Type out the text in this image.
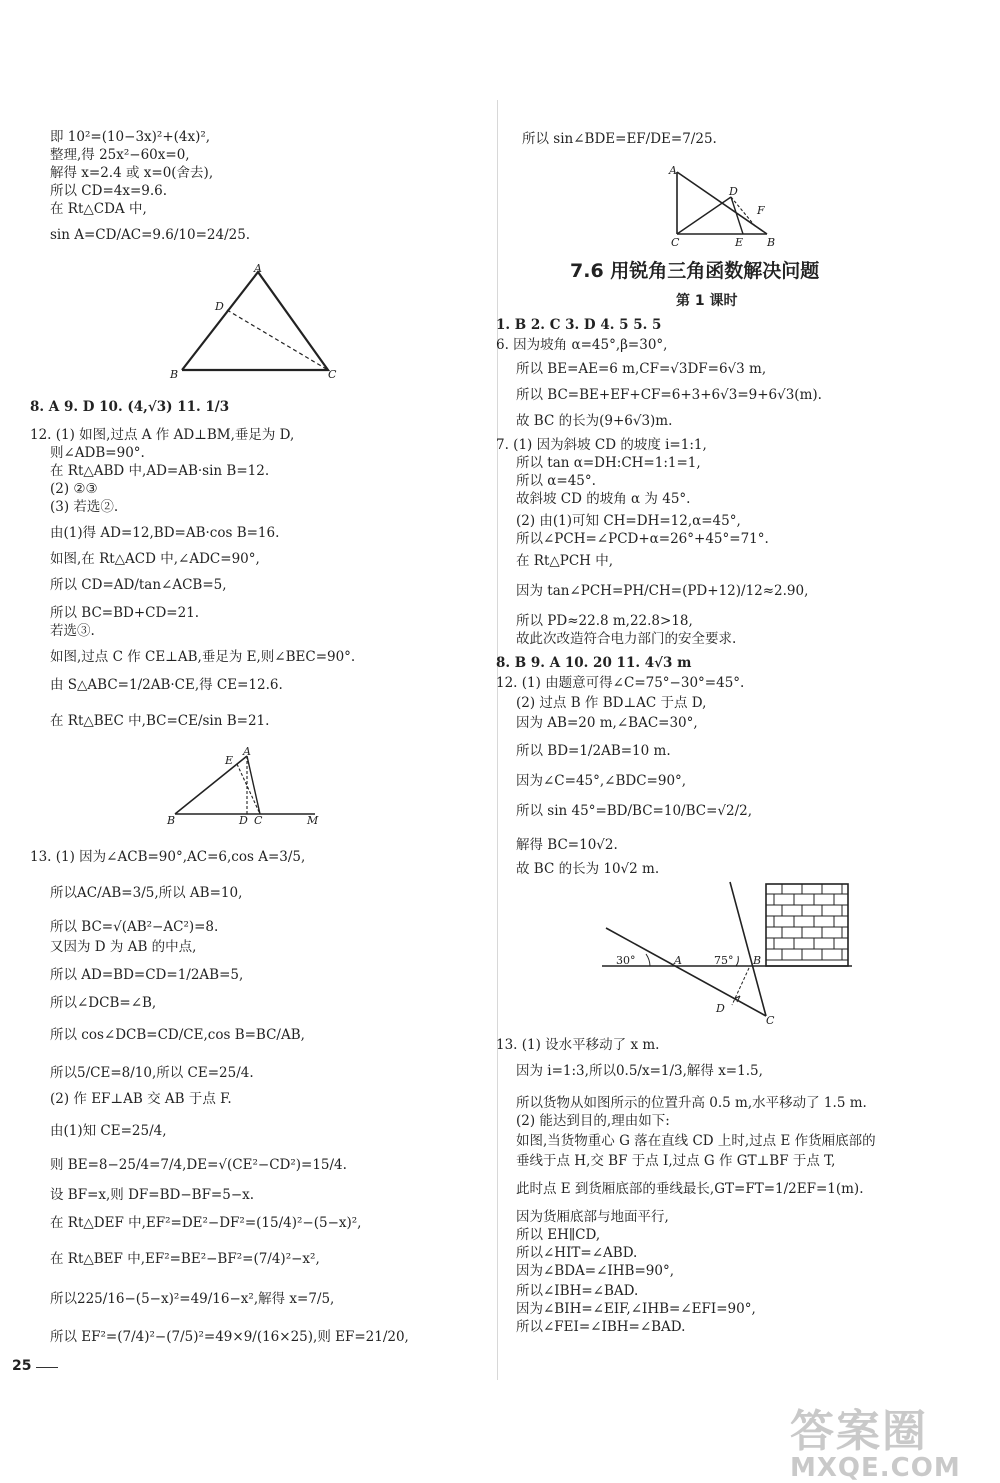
即 10²=(10−3x)²+(4x)²,
整理,得 25x²−60x=0,
解得 x=2.4 或 x=0(舍去),
所以 CD=4x=9.6.
在 Rt△CDA 中,
sin A=CD/AC=9.6/10=24/25.
A
D
B	C
8. A 9. D 10. (4,√3) 11. 1/3
12. (1) 如图,过点 A 作 AD⊥BM,垂足为 D,
则∠ADB=90°.
在 Rt△ABD 中,AD=AB·sin B=12.
(2) ②③
(3) 若选②.
由(1)得 AD=12,BD=AB·cos B=16.
如图,在 Rt△ACD 中,∠ADC=90°,
所以 CD=AD/tan∠ACB=5,
所以 BC=BD+CD=21.
若选③.
如图,过点 C 作 CE⊥AB,垂足为 E,则∠BEC=90°.
由 S△ABC=1/2AB·CE,得 CE=12.6.
在 Rt△BEC 中,BC=CE/sin B=21.
E
A
B	D C	M
13. (1) 因为∠ACB=90°,AC=6,cos A=3/5,
所以AC/AB=3/5,所以 AB=10,
所以 BC=√(AB²−AC²)=8.
又因为 D 为 AB 的中点,
所以 AD=BD=CD=1/2AB=5,
所以∠DCB=∠B,
所以 cos∠DCB=CD/CE,cos B=BC/AB,
所以5/CE=8/10,所以 CE=25/4.
(2) 作 EF⊥AB 交 AB 于点 F.
由(1)知 CE=25/4,
则 BE=8−25/4=7/4,DE=√(CE²−CD²)=15/4.
设 BF=x,则 DF=BD−BF=5−x.
在 Rt△DEF 中,EF²=DE²−DF²=(15/4)²−(5−x)²,
在 Rt△BEF 中,EF²=BE²−BF²=(7/4)²−x²,
所以225/16−(5−x)²=49/16−x²,解得 x=7/5,
所以 EF²=(7/4)²−(7/5)²=49×9/(16×25),则 EF=21/20,
所以 sin∠BDE=EF/DE=7/25.
A
D
F
C	E B
7.6 用锐角三角函数解决问题
第 1 课时
1. B 2. C 3. D 4. 5 5. 5
6. 因为坡角 α=45°,β=30°,
所以 BE=AE=6 m,CF=√3DF=6√3 m,
所以 BC=BE+EF+CF=6+3+6√3=9+6√3(m).
故 BC 的长为(9+6√3)m.
7. (1) 因为斜坡 CD 的坡度 i=1:1,
所以 tan α=DH:CH=1:1=1,
所以 α=45°.
故斜坡 CD 的坡角 α 为 45°.
(2) 由(1)可知 CH=DH=12,α=45°,
所以∠PCH=∠PCD+α=26°+45°=71°.
在 Rt△PCH 中,
因为 tan∠PCH=PH/CH=(PD+12)/12≈2.90,
所以 PD≈22.8 m,22.8>18,
故此次改造符合电力部门的安全要求.
8. B 9. A 10. 20 11. 4√3 m
12. (1) 由题意可得∠C=75°−30°=45°.
(2) 过点 B 作 BD⊥AC 于点 D,
因为 AB=20 m,∠BAC=30°,
所以 BD=1/2AB=10 m.
因为∠C=45°,∠BDC=90°,
所以 sin 45°=BD/BC=10/BC=√2/2,
解得 BC=10√2.
故 BC 的长为 10√2 m.
30°	A	75° B
D
C
13. (1) 设水平移动了 x m.
因为 i=1:3,所以0.5/x=1/3,解得 x=1.5,
所以货物从如图所示的位置升高 0.5 m,水平移动了 1.5 m.
(2) 能达到目的,理由如下:
如图,当货物重心 G 落在直线 CD 上时,过点 E 作货厢底部的
垂线于点 H,交 BF 于点 I,过点 G 作 GT⊥BF 于点 T,
此时点 E 到货厢底部的垂线最长,GT=FT=1/2EF=1(m).
因为货厢底部与地面平行,
所以 EH∥CD,
所以∠HIT=∠ABD.
因为∠BDA=∠IHB=90°,
所以∠IBH=∠BAD.
因为∠BIH=∠EIF,∠IHB=∠EFI=90°,
所以∠FEI=∠IBH=∠BAD.
25
答案圈
MXQE.COM
